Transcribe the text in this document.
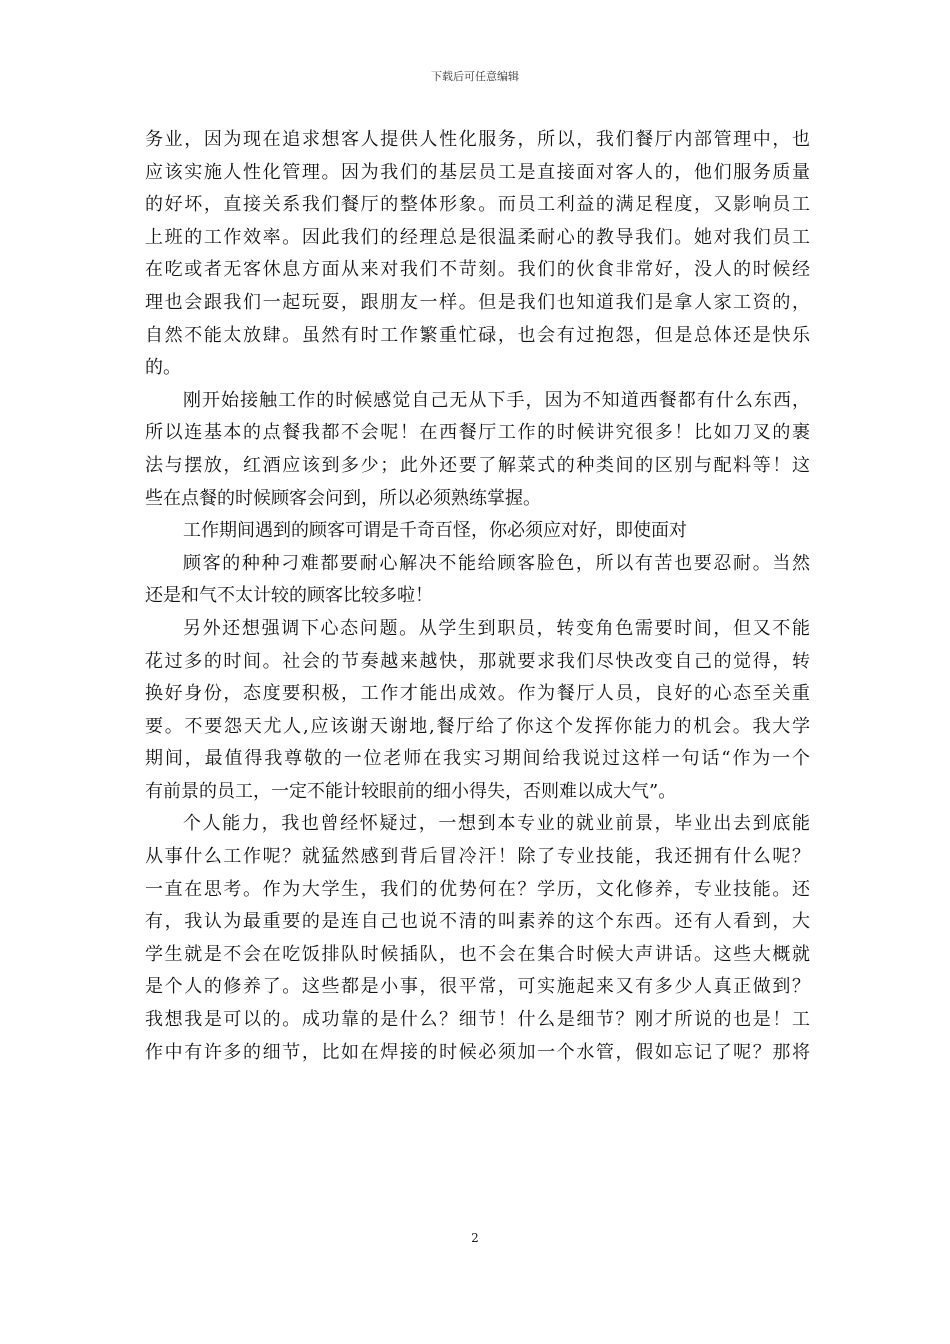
下载后可任意编辑
务业，因为现在追求想客人提供人性化服务，所以，我们餐厅内部管理中，也
应该实施人性化管理。因为我们的基层员工是直接面对客人的，他们服务质量
的好坏，直接关系我们餐厅的整体形象。而员工利益的满足程度，又影响员工
上班的工作效率。因此我们的经理总是很温柔耐心的教导我们。她对我们员工
在吃或者无客休息方面从来对我们不苛刻。我们的伙食非常好，没人的时候经
理也会跟我们一起玩耍，跟朋友一样。但是我们也知道我们是拿人家工资的，
自然不能太放肆。虽然有时工作繁重忙碌，也会有过抱怨，但是总体还是快乐
的。
刚开始接触工作的时候感觉自己无从下手，因为不知道西餐都有什么东西，
所以连基本的点餐我都不会呢！在西餐厅工作的时候讲究很多！比如刀叉的裹
法与摆放，红酒应该到多少；此外还要了解菜式的种类间的区别与配料等！这
些在点餐的时候顾客会问到，所以必须熟练掌握。
工作期间遇到的顾客可谓是千奇百怪，你必须应对好，即使面对
顾客的种种刁难都要耐心解决不能给顾客脸色，所以有苦也要忍耐。当然
还是和气不太计较的顾客比较多啦！
另外还想强调下心态问题。从学生到职员，转变角色需要时间，但又不能
花过多的时间。社会的节奏越来越快，那就要求我们尽快改变自己的觉得，转
换好身份，态度要积极，工作才能出成效。作为餐厅人员，良好的心态至关重
要。不要怨天尤人,应该谢天谢地,餐厅给了你这个发挥你能力的机会。我大学
期间，最值得我尊敬的一位老师在我实习期间给我说过这样一句话“作为一个
有前景的员工，一定不能计较眼前的细小得失，否则难以成大气”。
个人能力，我也曾经怀疑过，一想到本专业的就业前景，毕业出去到底能
从事什么工作呢？就猛然感到背后冒冷汗！除了专业技能，我还拥有什么呢？
一直在思考。作为大学生，我们的优势何在？学历，文化修养，专业技能。还
有，我认为最重要的是连自己也说不清的叫素养的这个东西。还有人看到，大
学生就是不会在吃饭排队时候插队，也不会在集合时候大声讲话。这些大概就
是个人的修养了。这些都是小事，很平常，可实施起来又有多少人真正做到？
我想我是可以的。成功靠的是什么？细节！什么是细节？刚才所说的也是！工
作中有许多的细节，比如在焊接的时候必须加一个水管，假如忘记了呢？那将
2
